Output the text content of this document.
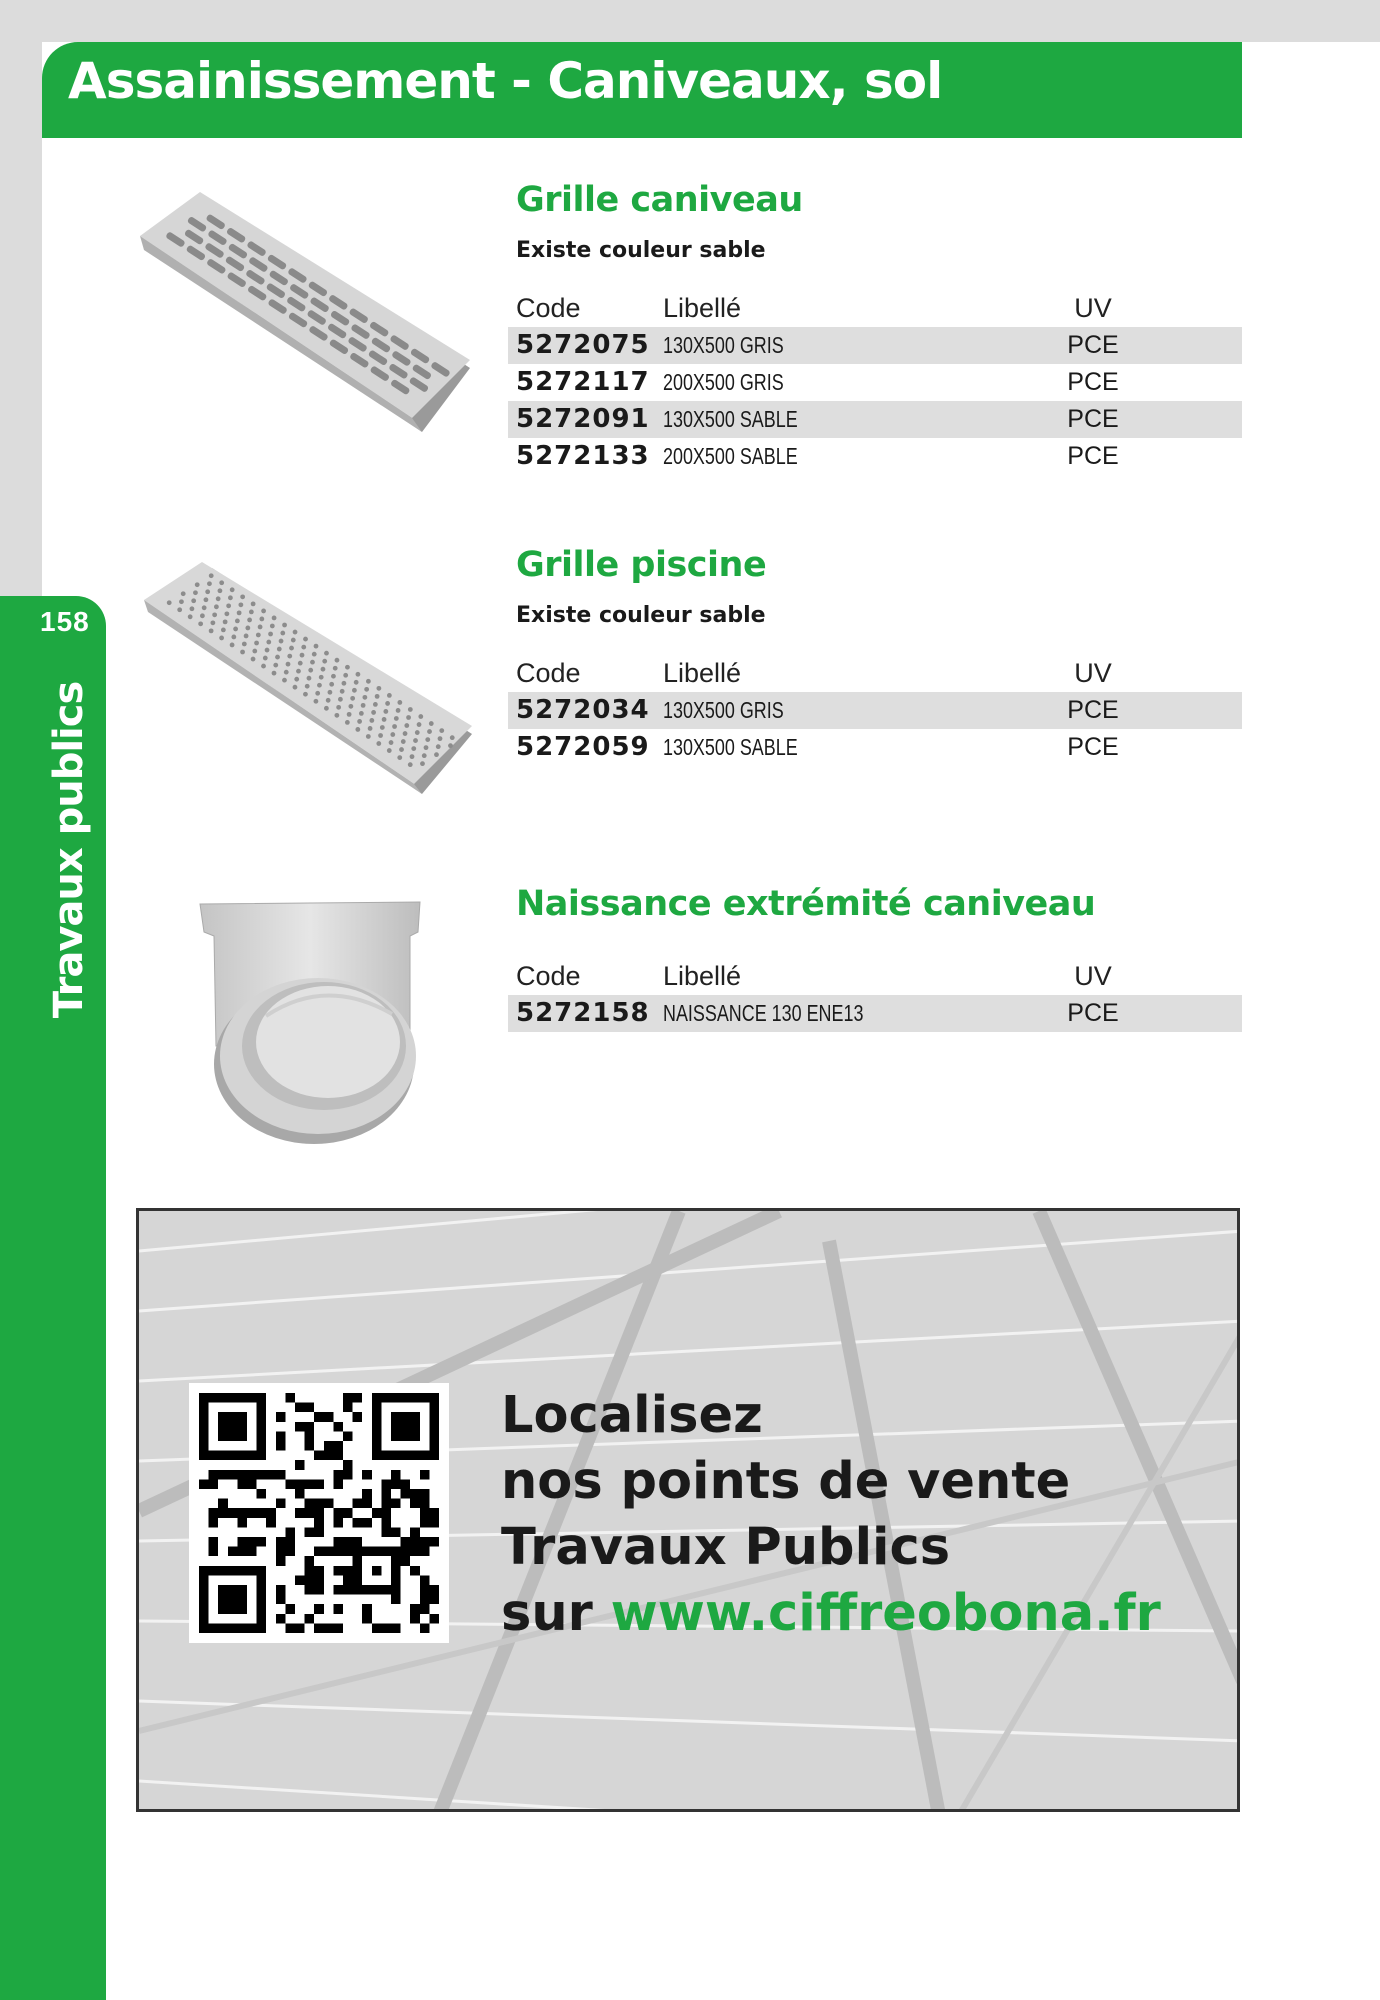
158
Travaux publics
Assainissement - Caniveaux, sol
Grille caniveau
Existe couleur sable
Code	Libellé	UV
5272075 130X500 GRIS	PCE
5272117 200X500 GRIS	PCE
5272091 130X500 SABLE	PCE
5272133 200X500 SABLE	PCE
Grille piscine
Existe couleur sable
Code	Libellé	UV
5272034 130X500 GRIS	PCE
5272059 130X500 SABLE	PCE
Naissance extrémité caniveau
Code	Libellé	UV
5272158 NAISSANCE 130 ENE13	PCE
Localisez
nos points de vente
Travaux Publics
sur www.ciffreobona.fr
